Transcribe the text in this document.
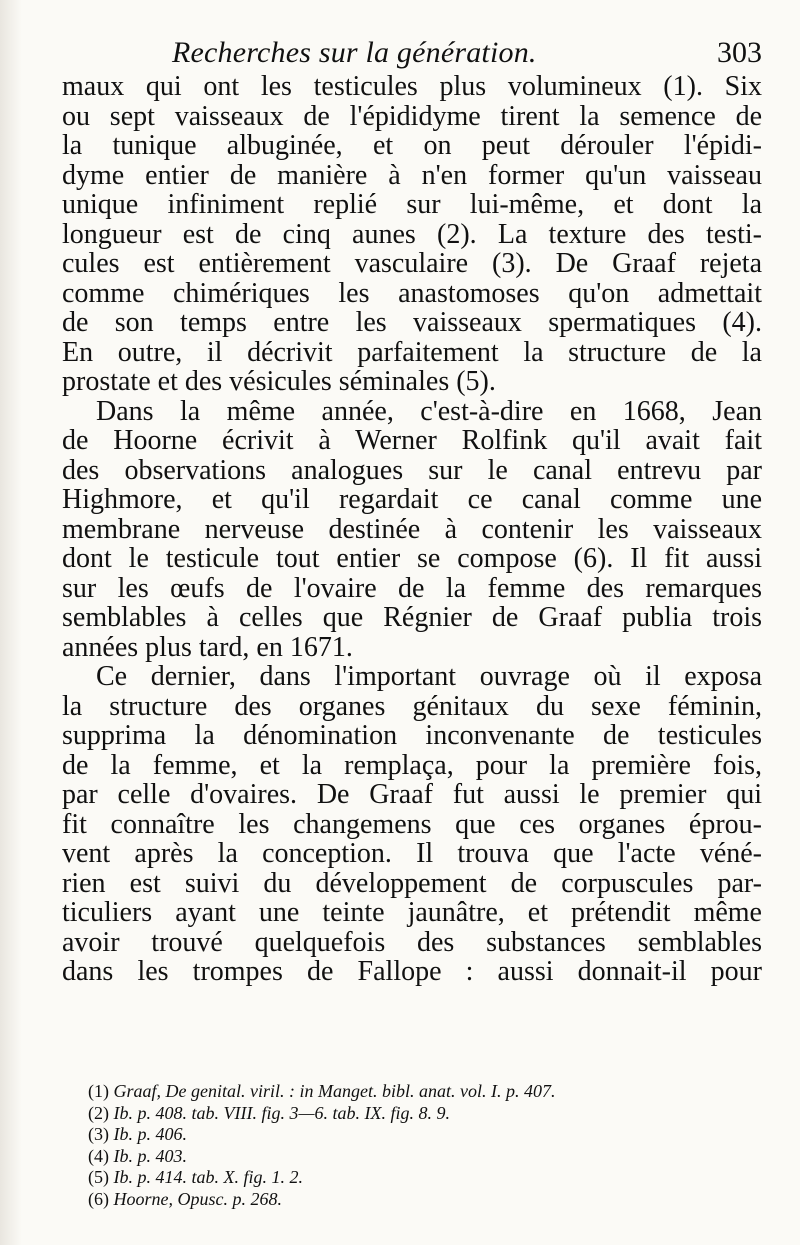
Recherches sur la génération.	303
maux qui ont les testicules plus volumineux (1). Six
ou sept vaisseaux de l'épididyme tirent la semence de
la tunique albuginée, et on peut dérouler l'épidi-
dyme entier de manière à n'en former qu'un vaisseau
unique infiniment replié sur lui-même, et dont la
longueur est de cinq aunes (2). La texture des testi-
cules est entièrement vasculaire (3). De Graaf rejeta
comme chimériques les anastomoses qu'on admettait
de son temps entre les vaisseaux spermatiques (4).
En outre, il décrivit parfaitement la structure de la
prostate et des vésicules séminales (5).
Dans la même année, c'est-à-dire en 1668, Jean
de Hoorne écrivit à Werner Rolfink qu'il avait fait
des observations analogues sur le canal entrevu par
Highmore, et qu'il regardait ce canal comme une
membrane nerveuse destinée à contenir les vaisseaux
dont le testicule tout entier se compose (6). Il fit aussi
sur les œufs de l'ovaire de la femme des remarques
semblables à celles que Régnier de Graaf publia trois
années plus tard, en 1671.
Ce dernier, dans l'important ouvrage où il exposa
la structure des organes génitaux du sexe féminin,
supprima la dénomination inconvenante de testicules
de la femme, et la remplaça, pour la première fois,
par celle d'ovaires. De Graaf fut aussi le premier qui
fit connaître les changemens que ces organes éprou-
vent après la conception. Il trouva que l'acte véné-
rien est suivi du développement de corpuscules par-
ticuliers ayant une teinte jaunâtre, et prétendit même
avoir trouvé quelquefois des substances semblables
dans les trompes de Fallope : aussi donnait-il pour
(1) Graaf, De genital. viril. : in Manget. bibl. anat. vol. I. p. 407.
(2) Ib. p. 408. tab. VIII. fig. 3—6. tab. IX. fig. 8. 9.
(3) Ib. p. 406.
(4) Ib. p. 403.
(5) Ib. p. 414. tab. X. fig. 1. 2.
(6) Hoorne, Opusc. p. 268.
